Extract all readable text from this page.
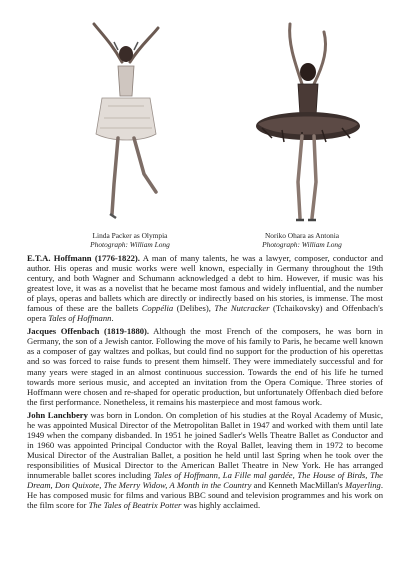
Linda Packer as Olympia
Photograph: William Long
Noriko Ohara as Antonia
Photograph: William Long

E.T.A. Hoffmann (1776-1822). A man of many talents, he was a lawyer, composer, conductor and author. His operas and music works were well known, especially in Germany throughout the 19th century, and both Wagner and Schumann acknowledged a debt to him. However, if music was his greatest love, it was as a novelist that he became most famous and widely influential, and the number of plays, operas and ballets which are directly or indirectly based on his stories, is immense. The most famous of these are the ballets Coppélia (Delibes), The Nutcracker (Tchaikovsky) and Offenbach's opera Tales of Hoffmann.

Jacques Offenbach (1819-1880). Although the most French of the composers, he was born in Germany, the son of a Jewish cantor. Following the move of his family to Paris, he became well known as a composer of gay waltzes and polkas, but could find no support for the production of his operettas and so was forced to raise funds to present them himself. They were immediately successful and for many years were staged in an almost continuous succession. Towards the end of his life he turned towards more serious music, and accepted an invitation from the Opera Comique. Three stories of Hoffmann were chosen and re-shaped for operatic production, but unfortunately Offenbach died before the first performance. Nonetheless, it remains his masterpiece and most famous work.

John Lanchbery was born in London. On completion of his studies at the Royal Academy of Music, he was appointed Musical Director of the Metropolitan Ballet in 1947 and worked with them until late 1949 when the company disbanded. In 1951 he joined Sadler's Wells Theatre Ballet as Conductor and in 1960 was appointed Principal Conductor with the Royal Ballet, leaving them in 1972 to become Musical Director of the Australian Ballet, a position he held until last Spring when he took over the responsibilities of Musical Director to the American Ballet Theatre in New York. He has arranged innumerable ballet scores including Tales of Hoffmann, La Fille mal gardée, The House of Birds, The Dream, Don Quixote, The Merry Widow, A Month in the Country and Kenneth MacMillan's Mayerling. He has composed music for films and various BBC sound and television programmes and his work on the film score for The Tales of Beatrix Potter was highly acclaimed.
